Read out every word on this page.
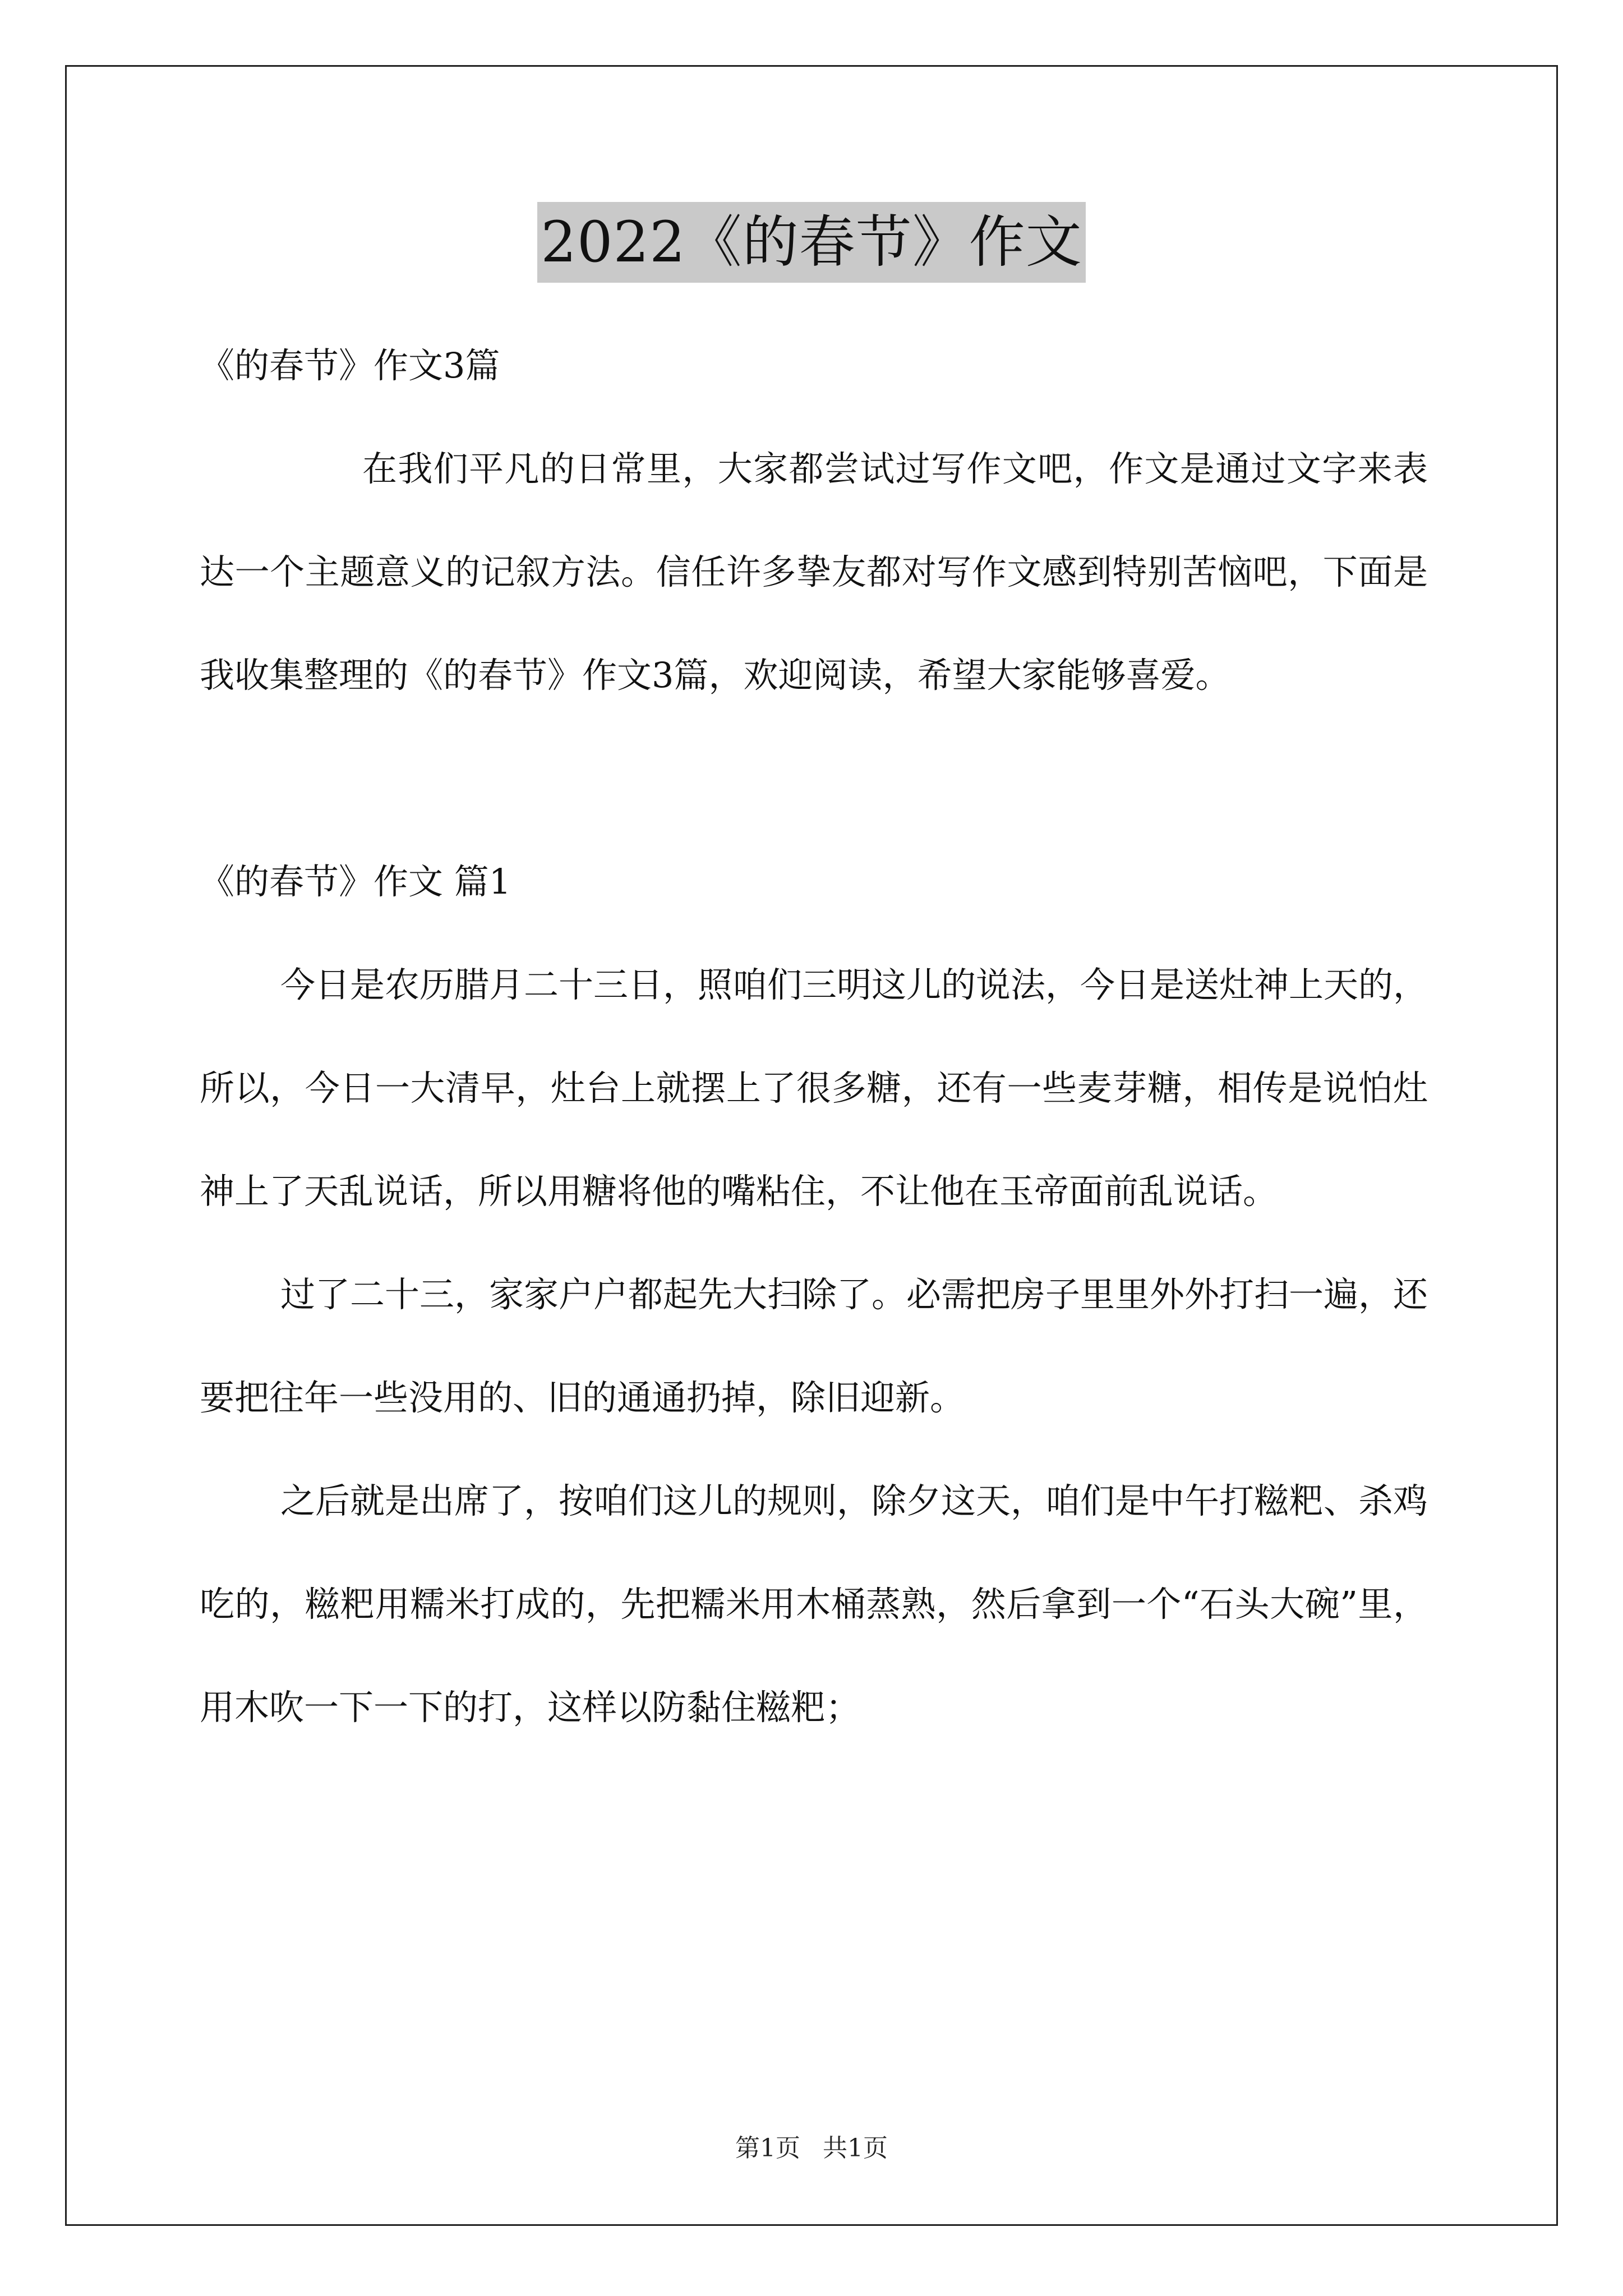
2022《的春节》作文

《的春节》作文3篇

在我们平凡的日常里，大家都尝试过写作文吧，作文是通过文字来表达一个主题意义的记叙方法。信任许多挚友都对写作文感到特别苦恼吧，下面是我收集整理的《的春节》作文3篇，欢迎阅读，希望大家能够喜爱。

《的春节》作文 篇1

今日是农历腊月二十三日，照咱们三明这儿的说法，今日是送灶神上天的，所以，今日一大清早，灶台上就摆上了很多糖，还有一些麦芽糖，相传是说怕灶神上了天乱说话，所以用糖将他的嘴粘住，不让他在玉帝面前乱说话。

过了二十三，家家户户都起先大扫除了。必需把房子里里外外打扫一遍，还要把往年一些没用的、旧的通通扔掉，除旧迎新。

之后就是出席了，按咱们这儿的规则，除夕这天，咱们是中午打糍粑、杀鸡吃的，糍粑用糯米打成的，先把糯米用木桶蒸熟，然后拿到一个“石头大碗”里，用木吹一下一下的打，这样以防黏住糍粑；

第1页 共1页
